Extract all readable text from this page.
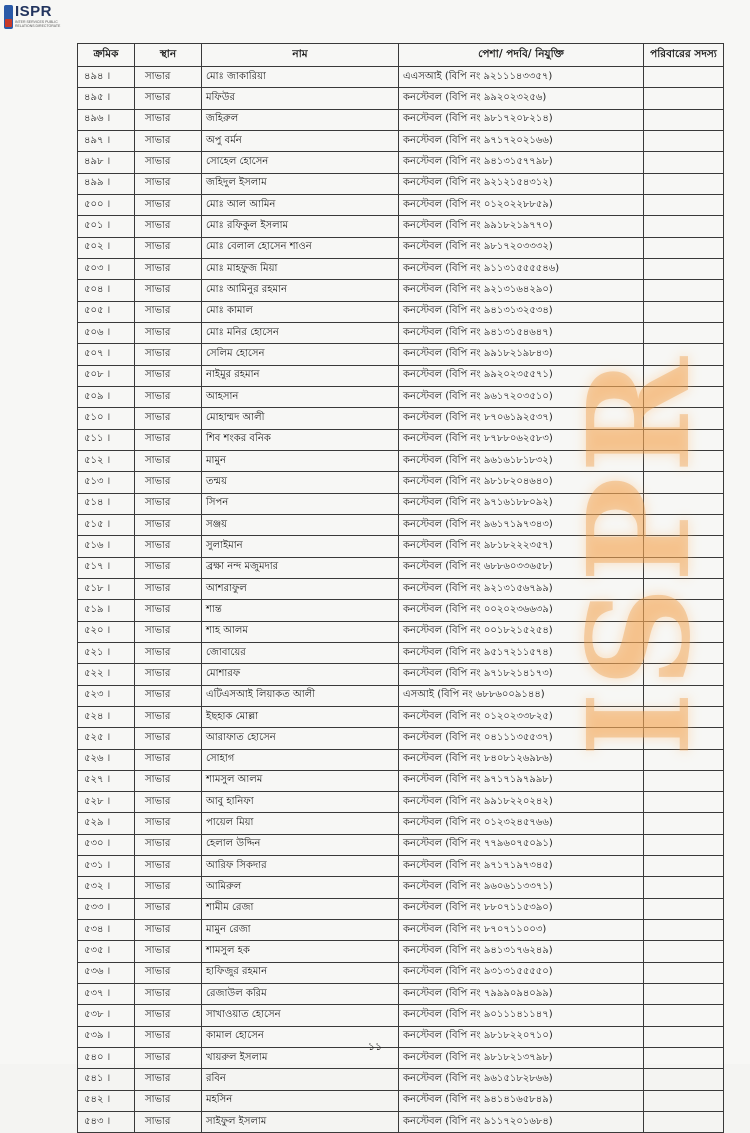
ISPR
INTER SERVICES PUBLIC RELATIONS DIRECTORATE
ক্রমিক	স্থান	নাম	পেশা/ পদবি/ নিযুক্তি	পরিবারের সদস্য
৪৯৪ ।	সাভার	মোঃ জাকারিয়া	এএসআই (বিপি নং ৯২১১১৪৩৩৫৭)	
৪৯৫ ।	সাভার	মফিউর	কনস্টেবল (বিপি নং ৯৯২০২৩২৫৬)	
৪৯৬ ।	সাভার	জহিরুল	কনস্টেবল (বিপি নং ৯৮১৭২০৮২১৪)	
৪৯৭ ।	সাভার	অপু বর্মন	কনস্টেবল (বিপি নং ৯৭১৭২০২১৬৬)	
৪৯৮ ।	সাভার	সোহেল হোসেন	কনস্টেবল (বিপি নং ৯৪১৩১৫৭৭৯৮)	
৪৯৯ ।	সাভার	জহিদুল ইসলাম	কনস্টেবল (বিপি নং ৯২১২১৫৪৩১২)	
৫০০ ।	সাভার	মোঃ আল আমিন	কনস্টেবল (বিপি নং ০১২০২২৮৮৫৯)	
৫০১ ।	সাভার	মোঃ রফিকুল ইসলাম	কনস্টেবল (বিপি নং ৯৯১৮২১৯৭৭০)	
৫০২ ।	সাভার	মোঃ বেলাল হোসেন শাওন	কনস্টেবল (বিপি নং ৯৮১৭২০৩৩৩২)	
৫০৩ ।	সাভার	মোঃ মাহফুজ মিয়া	কনস্টেবল (বিপি নং ৯১১৩১৫৫৫৫৪৬)	
৫০৪ ।	সাভার	মোঃ আমিনুর রহমান	কনস্টেবল (বিপি নং ৯২১৩১৬৪২৯০)	
৫০৫ ।	সাভার	মোঃ কামাল	কনস্টেবল (বিপি নং ৯৪১৩১৩২৫৩৪)	
৫০৬ ।	সাভার	মোঃ মনির হোসেন	কনস্টেবল (বিপি নং ৯৪১৩১৫৪৬৪৭)	
৫০৭ ।	সাভার	সেলিম হোসেন	কনস্টেবল (বিপি নং ৯৯১৮২১৯৮৪৩)	
৫০৮ ।	সাভার	নাইমুর রহমান	কনস্টেবল (বিপি নং ৯৯২০২৩৫৫৭১)	
৫০৯ ।	সাভার	আহসান	কনস্টেবল (বিপি নং ৯৬১৭২০৩৫১০)	
৫১০ ।	সাভার	মোহাম্মদ আলী	কনস্টেবল (বিপি নং ৮৭০৬১৯২৫৩৭)	
৫১১ ।	সাভার	শিব শংকর বনিক	কনস্টেবল (বিপি নং ৮৭৮৮০৬২৫৮৩)	
৫১২ ।	সাভার	মামুন	কনস্টেবল (বিপি নং ৯৬১৬১৮১৮৩২)	
৫১৩ ।	সাভার	তন্ময়	কনস্টেবল (বিপি নং ৯৮১৮২০৪৬৪০)	
৫১৪ ।	সাভার	সিপন	কনস্টেবল (বিপি নং ৯৭১৬১৮৮০৯২)	
৫১৫ ।	সাভার	সঞ্জয়	কনস্টেবল (বিপি নং ৯৬১৭১৯৭৩৪৩)	
৫১৬ ।	সাভার	সুলাইমান	কনস্টেবল (বিপি নং ৯৮১৮২২২৩৫৭)	
৫১৭ ।	সাভার	ব্রক্ষা নন্দ মজুমদার	কনস্টেবল (বিপি নং ৬৮৮৬০৩৩৬৫৮)	
৫১৮ ।	সাভার	আশরাফুল	কনস্টেবল (বিপি নং ৯২১৩১৫৬৭৯৯)	
৫১৯ ।	সাভার	শান্ত	কনস্টেবল (বিপি নং ০০২০২৩৬৬৩৯)	
৫২০ ।	সাভার	শাহ আলম	কনস্টেবল (বিপি নং ০০১৮২১৫২৫৪)	
৫২১ ।	সাভার	জোবায়ের	কনস্টেবল (বিপি নং ৯৫১৭২১১৫৭৪)	
৫২২ ।	সাভার	মোশারফ	কনস্টেবল (বিপি নং ৯৭১৮২১৪১৭৩)	
৫২৩ ।	সাভার	এটিএসআই লিয়াকত আলী	এসআই (বিপি নং ৬৮৮৬০০৯১৪৪)	
৫২৪ ।	সাভার	ইছহাক মোল্লা	কনস্টেবল (বিপি নং ০১২০২৩৩৮২৫)	
৫২৫ ।	সাভার	আরাফাত হোসেন	কনস্টেবল (বিপি নং ০৪১১১৩৫৫৩৭)	
৫২৬ ।	সাভার	সোহাগ	কনস্টেবল (বিপি নং ৮৪০৮১২৬৯৮৬)	
৫২৭ ।	সাভার	শামসুল আলম	কনস্টেবল (বিপি নং ৯৭১৭১৯৭৯৯৮)	
৫২৮ ।	সাভার	আবু হানিফা	কনস্টেবল (বিপি নং ৯৯১৮২২০২৪২)	
৫২৯ ।	সাভার	পায়েল মিয়া	কনস্টেবল (বিপি নং ০১২৩২৪৫৭৬৬)	
৫৩০ ।	সাভার	হেলাল উদ্দিন	কনস্টেবল (বিপি নং ৭৭৯৬০৭৫০৯১)	
৫৩১ ।	সাভার	আরিফ সিকদার	কনস্টেবল (বিপি নং ৯৭১৭১৯৭৩৪৫)	
৫৩২ ।	সাভার	আমিরুল	কনস্টেবল (বিপি নং ৯৬০৬১১৩৩৭১)	
৫৩৩ ।	সাভার	শামীম রেজা	কনস্টেবল (বিপি নং ৮৮০৭১১৫৩৯০)	
৫৩৪ ।	সাভার	মামুন রেজা	কনস্টেবল (বিপি নং ৮৭০৭১১০০৩)	
৫৩৫ ।	সাভার	শামসুল হক	কনস্টেবল (বিপি নং ৯৪১৩১৭৬২৪৯)	
৫৩৬ ।	সাভার	হাফিজুর রহমান	কনস্টেবল (বিপি নং ৯৩১৩১৫৫৫৫০)	
৫৩৭ ।	সাভার	রেজাউল করিম	কনস্টেবল (বিপি নং ৭৯৯৯০৯৪০৯৯)	
৫৩৮ ।	সাভার	সাখাওয়াত হোসেন	কনস্টেবল (বিপি নং ৯০১১১৪১১৪৭)	
৫৩৯ ।	সাভার	কামাল হোসেন	কনস্টেবল (বিপি নং ৯৮১৮২২০৭১০)	
৫৪০ ।	সাভার	খায়রুল ইসলাম	কনস্টেবল (বিপি নং ৯৮১৮২১৩৭৯৮)	
৫৪১ ।	সাভার	রবিন	কনস্টেবল (বিপি নং ৯৬১৫১৮২৮৬৬)	
৫৪২ ।	সাভার	মহসিন	কনস্টেবল (বিপি নং ৯৪১৪১৬৫৮৪৯)	
৫৪৩ ।	সাভার	সাইফুল ইসলাম	কনস্টেবল (বিপি নং ৯১১৭২০১৬৮৪)	
ISPR
১১
